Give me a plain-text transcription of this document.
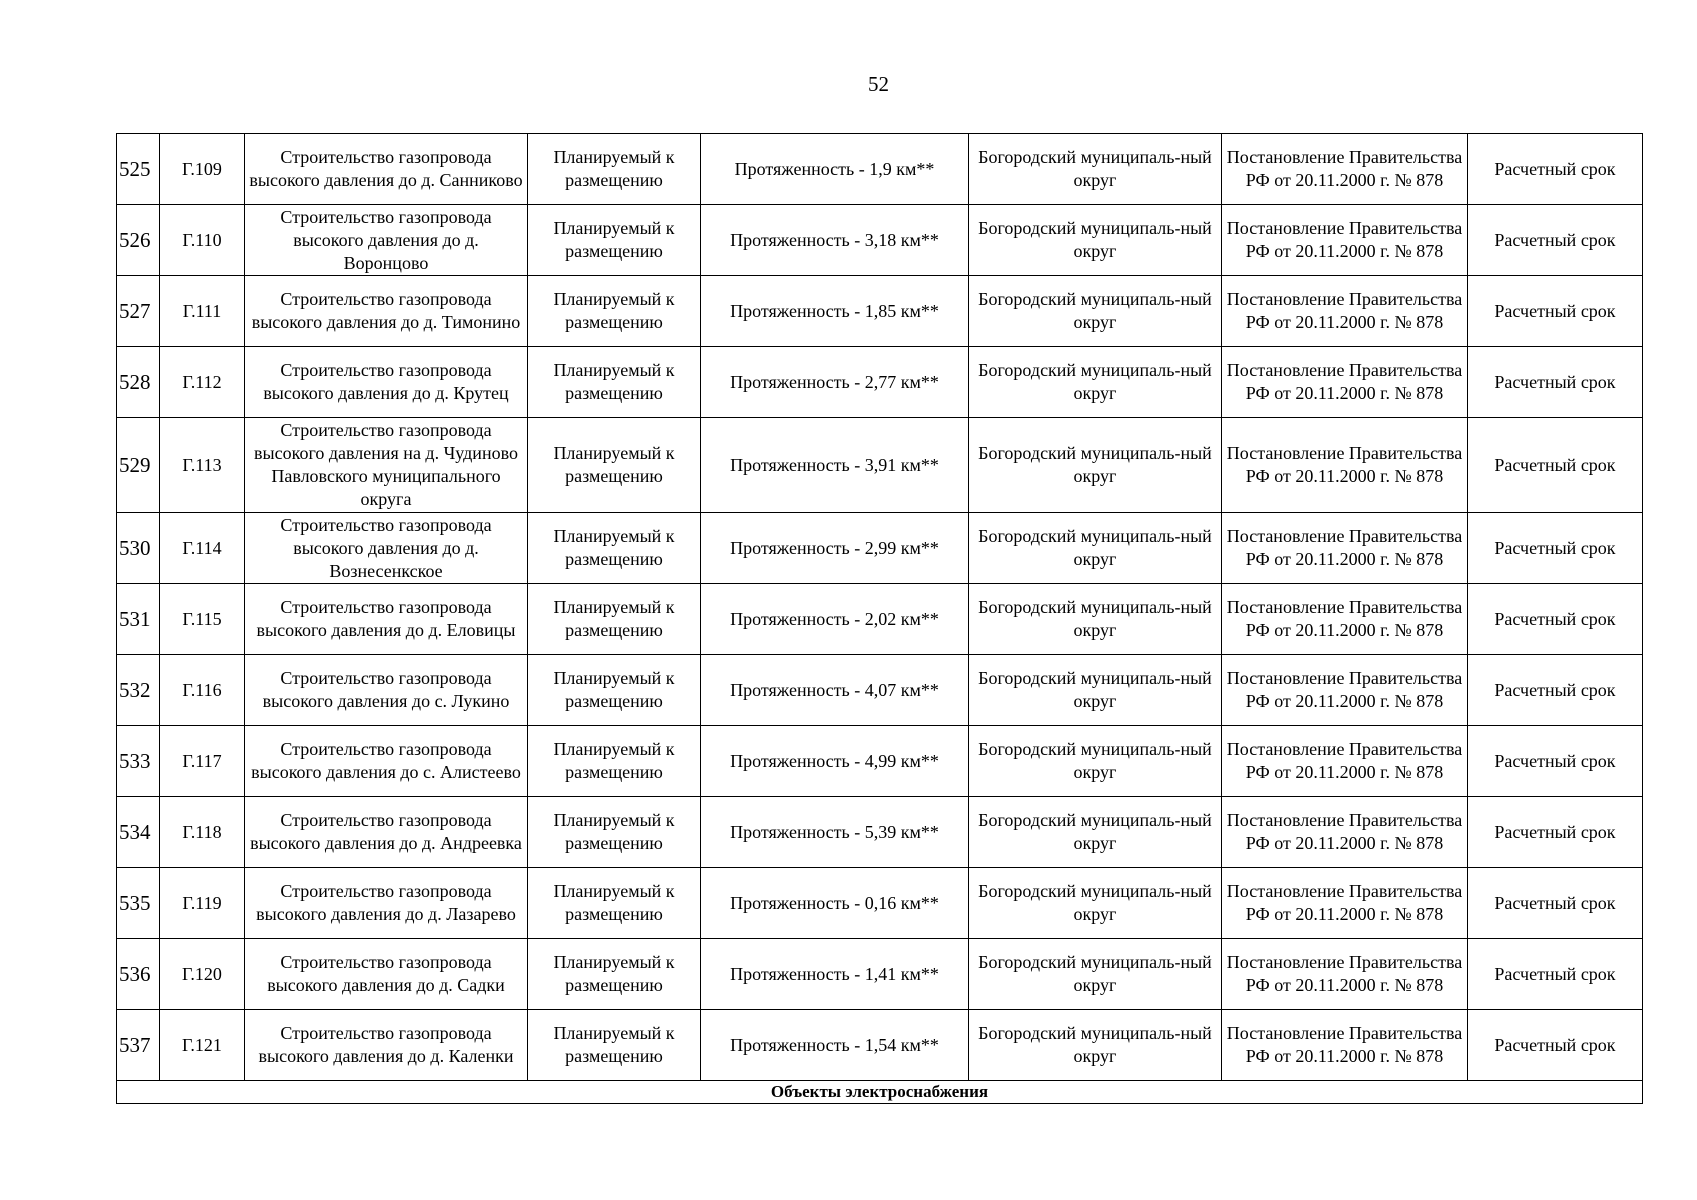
52
525	Г.109	Строительство газопровода высокого давления до д. Санниково	Планируемый к размещению	Протяженность - 1,9 км**	Богородский муниципаль-ный округ	Постановление Правительства РФ от 20.11.2000 г. № 878	Расчетный срок

526	Г.110	Строительство газопровода высокого давления до д. Воронцово	Планируемый к размещению	Протяженность - 3,18 км**	Богородский муниципаль-ный округ	Постановление Правительства РФ от 20.11.2000 г. № 878	Расчетный срок

527	Г.111	Строительство газопровода высокого давления до д. Тимонино	Планируемый к размещению	Протяженность - 1,85 км**	Богородский муниципаль-ный округ	Постановление Правительства РФ от 20.11.2000 г. № 878	Расчетный срок

528	Г.112	Строительство газопровода высокого давления до д. Крутец	Планируемый к размещению	Протяженность - 2,77 км**	Богородский муниципаль-ный округ	Постановление Правительства РФ от 20.11.2000 г. № 878	Расчетный срок

529	Г.113	Строительство газопровода высокого давления на д. Чудиново Павловского муниципального округа	Планируемый к размещению	Протяженность - 3,91 км**	Богородский муниципаль-ный округ	Постановление Правительства РФ от 20.11.2000 г. № 878	Расчетный срок

530	Г.114	Строительство газопровода высокого давления до д. Вознесенкское	Планируемый к размещению	Протяженность - 2,99 км**	Богородский муниципаль-ный округ	Постановление Правительства РФ от 20.11.2000 г. № 878	Расчетный срок

531	Г.115	Строительство газопровода высокого давления до д. Еловицы	Планируемый к размещению	Протяженность - 2,02 км**	Богородский муниципаль-ный округ	Постановление Правительства РФ от 20.11.2000 г. № 878	Расчетный срок

532	Г.116	Строительство газопровода высокого давления до с. Лукино	Планируемый к размещению	Протяженность - 4,07 км**	Богородский муниципаль-ный округ	Постановление Правительства РФ от 20.11.2000 г. № 878	Расчетный срок

533	Г.117	Строительство газопровода высокого давления до с. Алистеево	Планируемый к размещению	Протяженность - 4,99 км**	Богородский муниципаль-ный округ	Постановление Правительства РФ от 20.11.2000 г. № 878	Расчетный срок

534	Г.118	Строительство газопровода высокого давления до д. Андреевка	Планируемый к размещению	Протяженность - 5,39 км**	Богородский муниципаль-ный округ	Постановление Правительства РФ от 20.11.2000 г. № 878	Расчетный срок

535	Г.119	Строительство газопровода высокого давления до д. Лазарево	Планируемый к размещению	Протяженность - 0,16 км**	Богородский муниципаль-ный округ	Постановление Правительства РФ от 20.11.2000 г. № 878	Расчетный срок

536	Г.120	Строительство газопровода высокого давления до д. Садки	Планируемый к размещению	Протяженность - 1,41 км**	Богородский муниципаль-ный округ	Постановление Правительства РФ от 20.11.2000 г. № 878	Расчетный срок

537	Г.121	Строительство газопровода высокого давления до д. Каленки	Планируемый к размещению	Протяженность - 1,54 км**	Богородский муниципаль-ный округ	Постановление Правительства РФ от 20.11.2000 г. № 878	Расчетный срок

Объекты электроснабжения							
